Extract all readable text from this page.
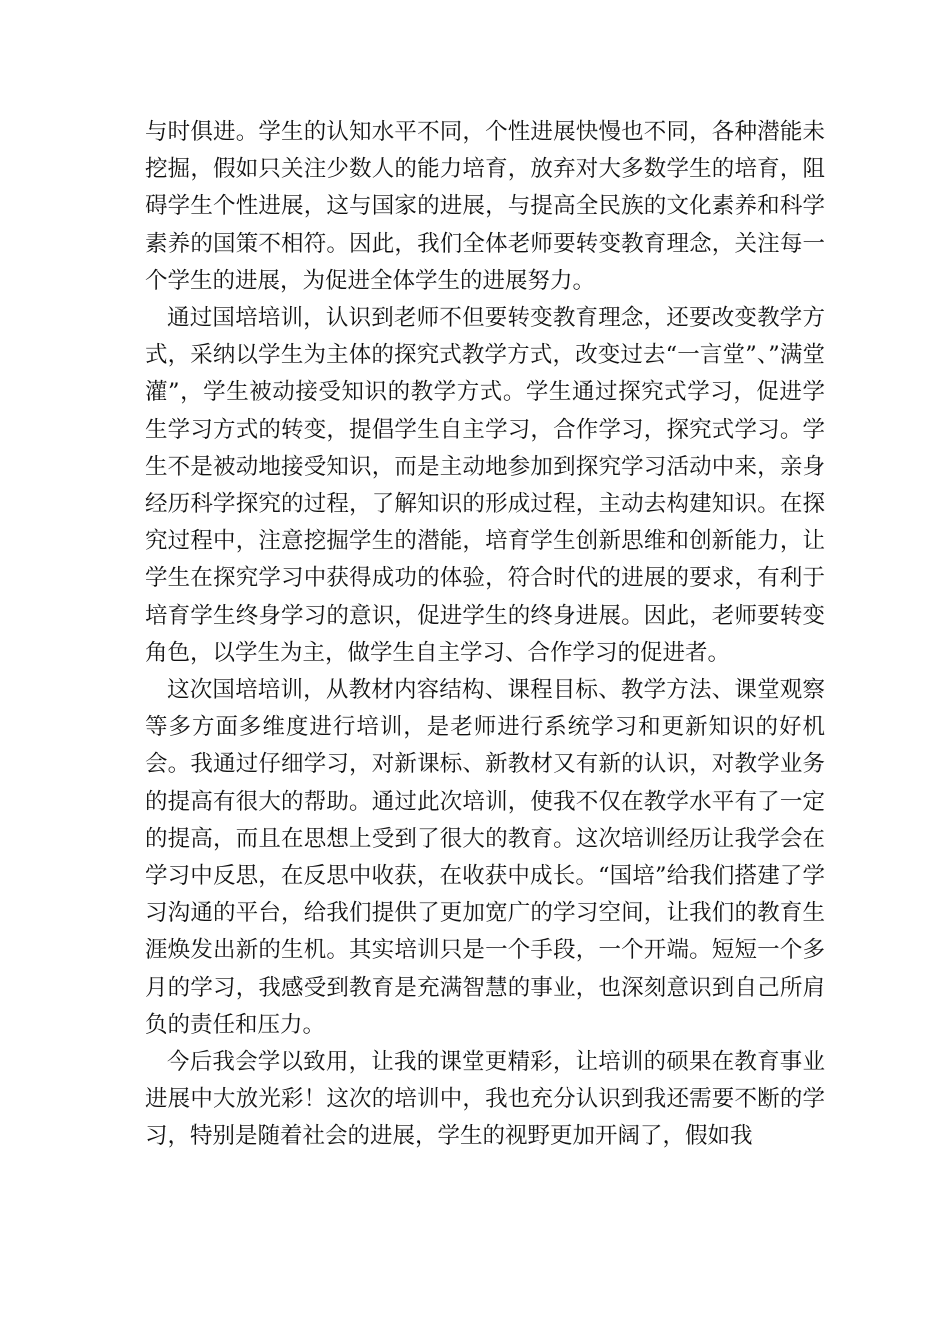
与时俱进。学生的认知水平不同，个性进展快慢也不同，各种潜能未挖掘，假如只关注少数人的能力培育，放弃对大多数学生的培育，阻碍学生个性进展，这与国家的进展，与提高全民族的文化素养和科学素养的国策不相符。因此，我们全体老师要转变教育理念，关注每一个学生的进展，为促进全体学生的进展努力。

通过国培培训，认识到老师不但要转变教育理念，还要改变教学方式，采纳以学生为主体的探究式教学方式，改变过去“一言堂”、”满堂灌”，学生被动接受知识的教学方式。学生通过探究式学习，促进学生学习方式的转变，提倡学生自主学习，合作学习，探究式学习。学生不是被动地接受知识，而是主动地参加到探究学习活动中来，亲身经历科学探究的过程，了解知识的形成过程，主动去构建知识。在探究过程中，注意挖掘学生的潜能，培育学生创新思维和创新能力，让学生在探究学习中获得成功的体验，符合时代的进展的要求，有利于培育学生终身学习的意识，促进学生的终身进展。因此，老师要转变角色，以学生为主，做学生自主学习、合作学习的促进者。

这次国培培训，从教材内容结构、课程目标、教学方法、课堂观察等多方面多维度进行培训，是老师进行系统学习和更新知识的好机会。我通过仔细学习，对新课标、新教材又有新的认识，对教学业务的提高有很大的帮助。通过此次培训，使我不仅在教学水平有了一定的提高，而且在思想上受到了很大的教育。这次培训经历让我学会在学习中反思，在反思中收获，在收获中成长。“国培”给我们搭建了学习沟通的平台，给我们提供了更加宽广的学习空间，让我们的教育生涯焕发出新的生机。其实培训只是一个手段，一个开端。短短一个多月的学习，我感受到教育是充满智慧的事业，也深刻意识到自己所肩负的责任和压力。

今后我会学以致用，让我的课堂更精彩，让培训的硕果在教育事业进展中大放光彩！这次的培训中，我也充分认识到我还需要不断的学习，特别是随着社会的进展，学生的视野更加开阔了，假如我
